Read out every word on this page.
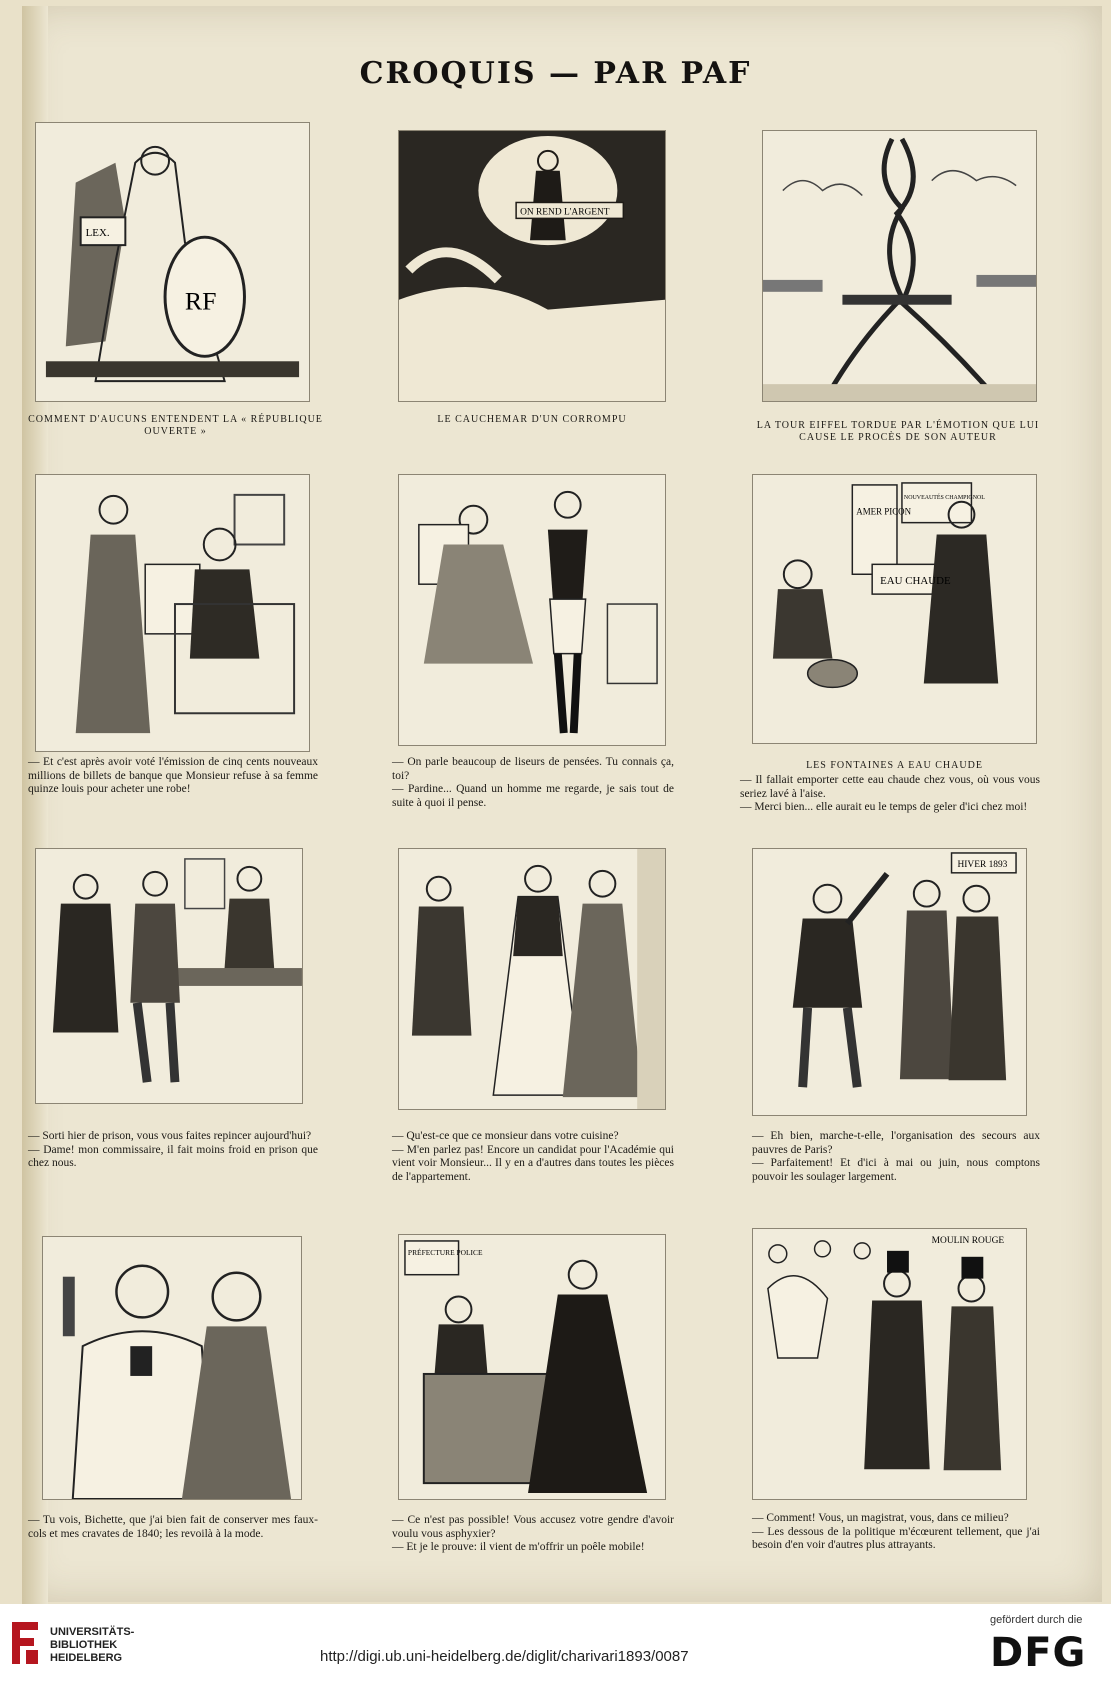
CROQUIS — PAR PAF
LEX.
RF
COMMENT D'AUCUNS ENTENDENT LA « RÉPUBLIQUE OUVERTE »
ON REND L'ARGENT
LE CAUCHEMAR D'UN CORROMPU
LA TOUR EIFFEL TORDUE PAR L'ÉMOTION QUE LUI CAUSE LE PROCÈS DE SON AUTEUR

— Et c'est après avoir voté l'émission de cinq cents nouveaux millions de billets de banque que Monsieur refuse à sa femme quinze louis pour acheter une robe!

— On parle beaucoup de liseurs de pensées. Tu connais ça, toi?

— Pardine... Quand un homme me regarde, je sais tout de suite à quoi il pense.

AMER PICON
NOUVEAUTÉS CHAMPIGNOL
EAU CHAUDE
LES FONTAINES A EAU CHAUDE

— Il fallait emporter cette eau chaude chez vous, où vous vous seriez lavé à l'aise.

— Merci bien... elle aurait eu le temps de geler d'ici chez moi!

— Sorti hier de prison, vous vous faites repincer aujourd'hui?

— Dame! mon commissaire, il fait moins froid en prison que chez nous.

— Qu'est-ce que ce monsieur dans votre cuisine?

— M'en parlez pas! Encore un candidat pour l'Académie qui vient voir Monsieur... Il y en a d'autres dans toutes les pièces de l'appartement.

HIVER 1893

— Eh bien, marche-t-elle, l'organisation des secours aux pauvres de Paris?

— Parfaitement! Et d'ici à mai ou juin, nous comptons pouvoir les soulager largement.

— Tu vois, Bichette, que j'ai bien fait de conserver mes faux-cols et mes cravates de 1840; les revoilà à la mode.

PRÉFECTURE POLICE

— Ce n'est pas possible! Vous accusez votre gendre d'avoir voulu vous asphyxier?

— Et je le prouve: il vient de m'offrir un poêle mobile!

MOULIN ROUGE

— Comment! Vous, un magistrat, vous, dans ce milieu?

— Les dessous de la politique m'écœurent tellement, que j'ai besoin d'en voir d'autres plus attrayants.

UNIVERSITÄTS-
BIBLIOTHEK
HEIDELBERG	http://digi.ub.uni-heidelberg.de/diglit/charivari1893/0087
gefördert durch die
DFG
